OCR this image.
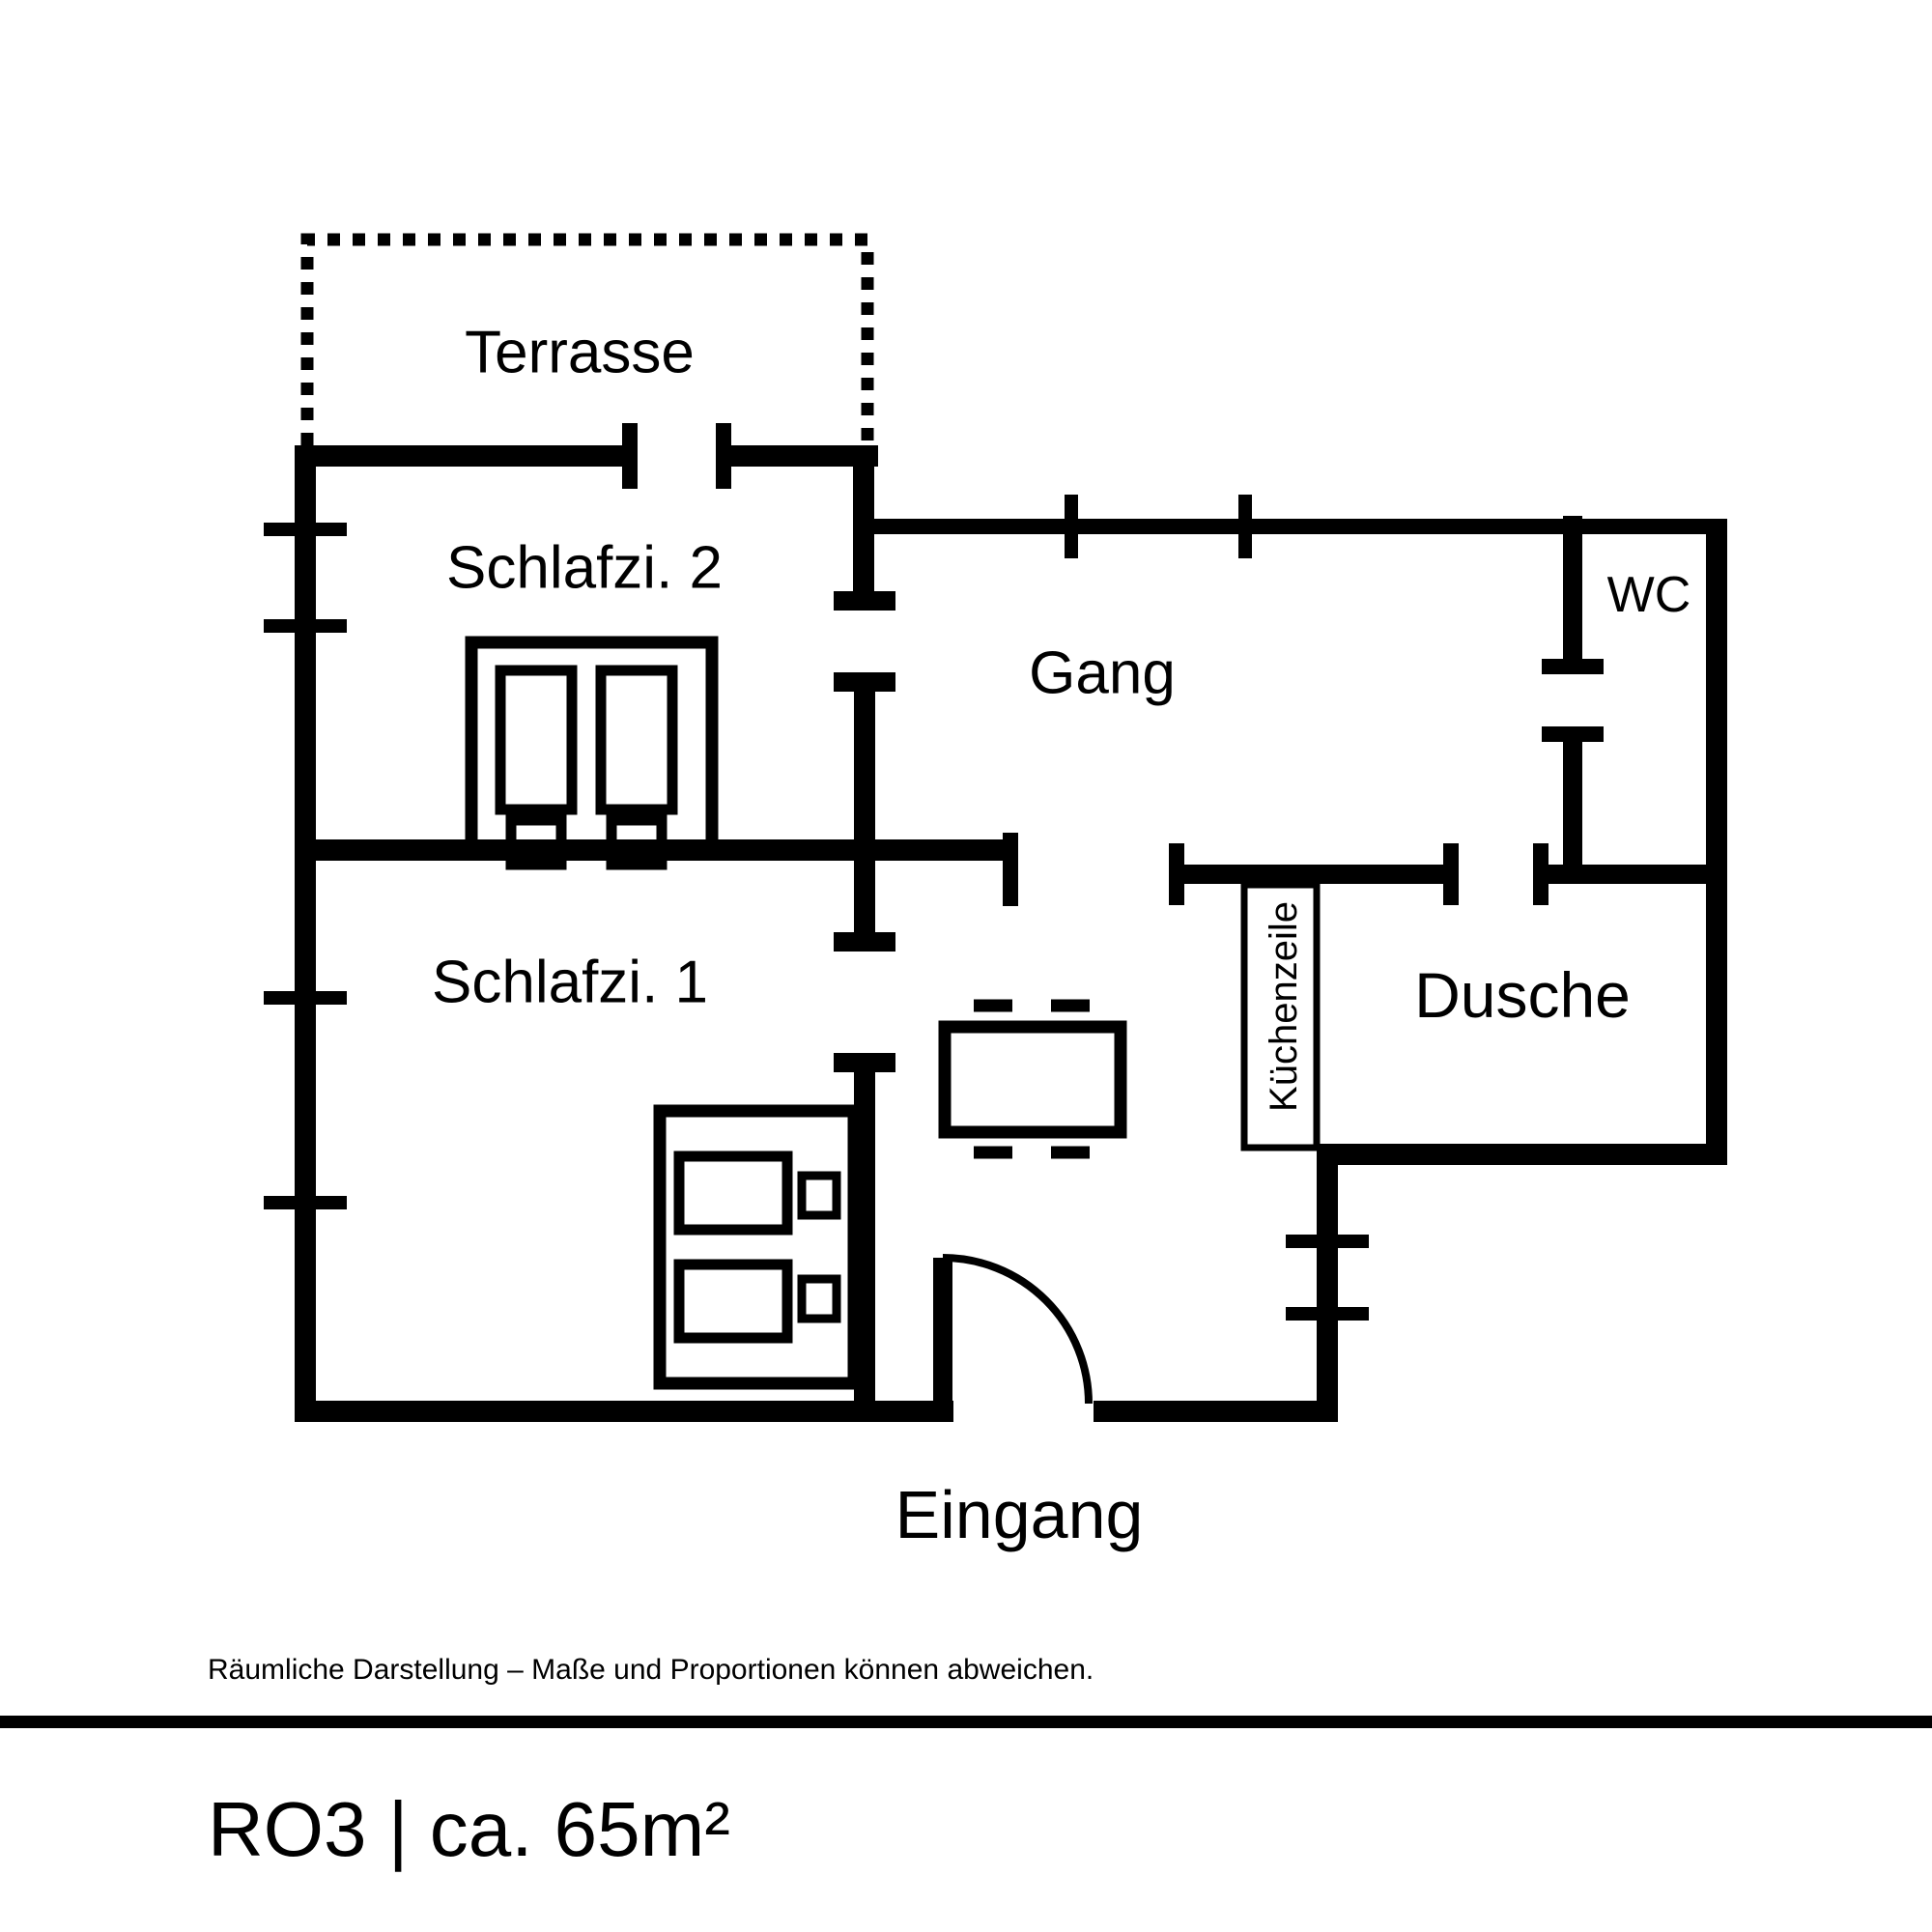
Terrasse
Schlafzi. 2
Gang
WC
Schlafzi. 1	Dusche
Küchenzeile
Eingang
Räumliche Darstellung – Maße und Proportionen können abweichen.
RO3 | ca. 65m²
